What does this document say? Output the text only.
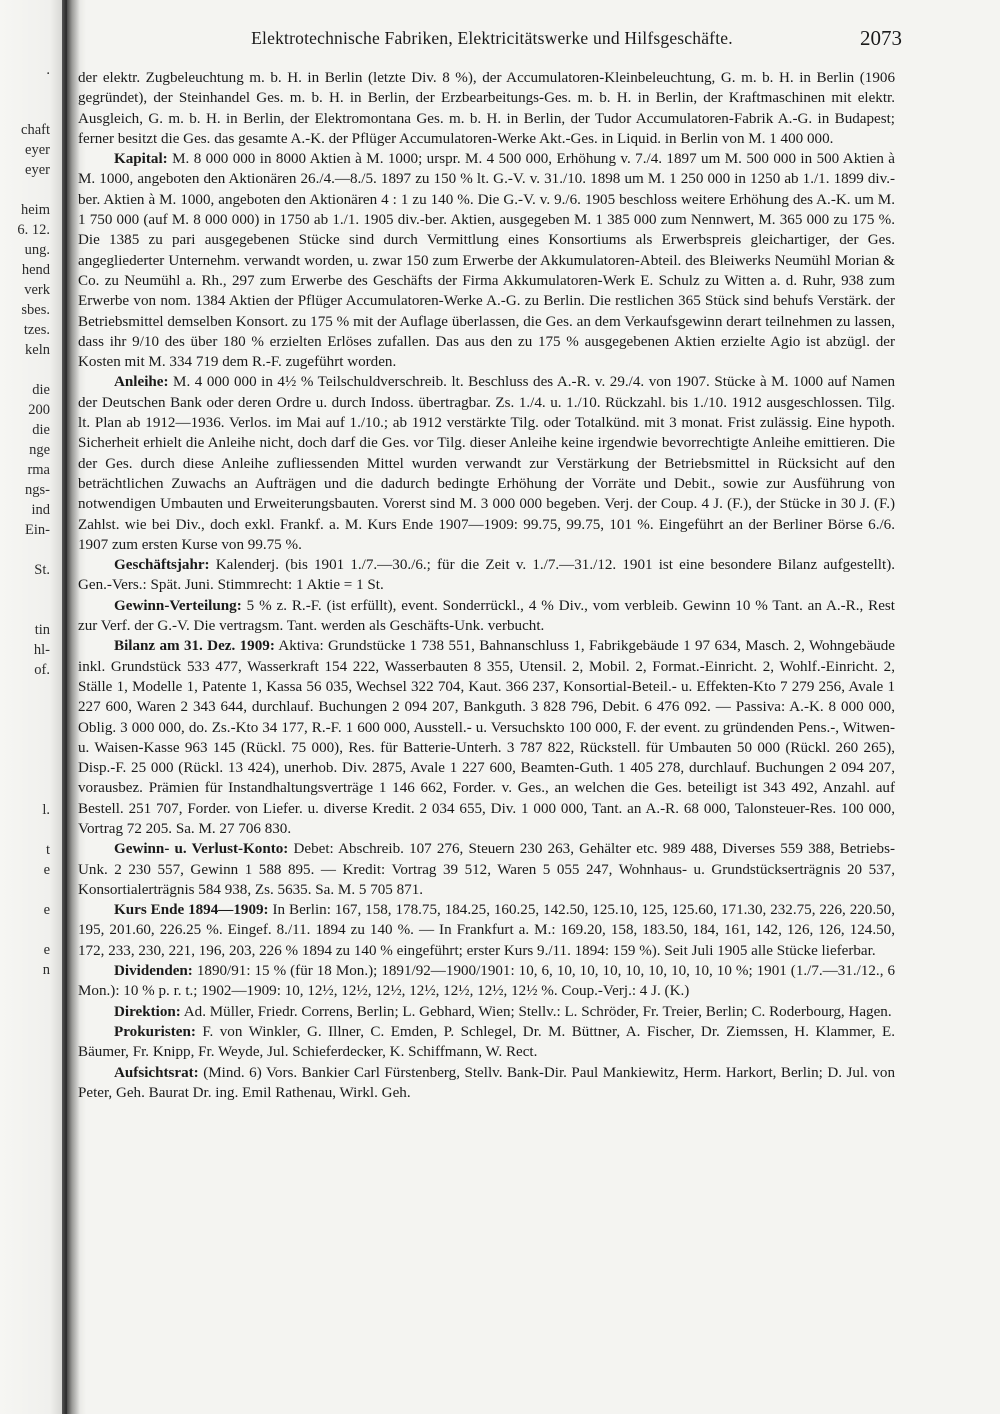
.
chaft
eyer
eyer
heim
6. 12.
ung.
hend
verk
sbes.
tzes.
keln
die
200
die
nge
rma
ngs-
ind
Ein-
St.
tin
hl-
of.
l.
t
e
e
e
n
Elektrotechnische Fabriken, Elektricitätswerke und Hilfsgeschäfte.	2073

der elektr. Zugbeleuchtung m. b. H. in Berlin (letzte Div. 8 %), der Accumulatoren-Kleinbeleuchtung, G. m. b. H. in Berlin (1906 gegründet), der Steinhandel Ges. m. b. H. in Berlin, der Erzbearbeitungs-Ges. m. b. H. in Berlin, der Kraftmaschinen mit elektr. Ausgleich, G. m. b. H. in Berlin, der Elektromontana Ges. m. b. H. in Berlin, der Tudor Accumulatoren-Fabrik A.-G. in Budapest; ferner besitzt die Ges. das gesamte A.-K. der Pflüger Accumulatoren-Werke Akt.-Ges. in Liquid. in Berlin von M. 1 400 000.

Kapital: M. 8 000 000 in 8000 Aktien à M. 1000; urspr. M. 4 500 000, Erhöhung v. 7./4. 1897 um M. 500 000 in 500 Aktien à M. 1000, angeboten den Aktionären 26./4.—8./5. 1897 zu 150 % lt. G.-V. v. 31./10. 1898 um M. 1 250 000 in 1250 ab 1./1. 1899 div.-ber. Aktien à M. 1000, angeboten den Aktionären 4 : 1 zu 140 %. Die G.-V. v. 9./6. 1905 beschloss weitere Erhöhung des A.-K. um M. 1 750 000 (auf M. 8 000 000) in 1750 ab 1./1. 1905 div.-ber. Aktien, ausgegeben M. 1 385 000 zum Nennwert, M. 365 000 zu 175 %. Die 1385 zu pari ausgegebenen Stücke sind durch Vermittlung eines Konsortiums als Erwerbspreis gleichartiger, der Ges. angegliederter Unternehm. verwandt worden, u. zwar 150 zum Erwerbe der Akkumulatoren-Abteil. des Bleiwerks Neumühl Morian & Co. zu Neumühl a. Rh., 297 zum Erwerbe des Geschäfts der Firma Akkumulatoren-Werk E. Schulz zu Witten a. d. Ruhr, 938 zum Erwerbe von nom. 1384 Aktien der Pflüger Accumulatoren-Werke A.-G. zu Berlin. Die restlichen 365 Stück sind behufs Verstärk. der Betriebsmittel demselben Konsort. zu 175 % mit der Auflage überlassen, die Ges. an dem Verkaufsgewinn derart teilnehmen zu lassen, dass ihr 9/10 des über 180 % erzielten Erlöses zufallen. Das aus den zu 175 % ausgegebenen Aktien erzielte Agio ist abzügl. der Kosten mit M. 334 719 dem R.-F. zugeführt worden.

Anleihe: M. 4 000 000 in 4½ % Teilschuldverschreib. lt. Beschluss des A.-R. v. 29./4. von 1907. Stücke à M. 1000 auf Namen der Deutschen Bank oder deren Ordre u. durch Indoss. übertragbar. Zs. 1./4. u. 1./10. Rückzahl. bis 1./10. 1912 ausgeschlossen. Tilg. lt. Plan ab 1912—1936. Verlos. im Mai auf 1./10.; ab 1912 verstärkte Tilg. oder Totalkünd. mit 3 monat. Frist zulässig. Eine hypoth. Sicherheit erhielt die Anleihe nicht, doch darf die Ges. vor Tilg. dieser Anleihe keine irgendwie bevorrechtigte Anleihe emittieren. Die der Ges. durch diese Anleihe zufliessenden Mittel wurden verwandt zur Verstärkung der Betriebsmittel in Rücksicht auf den beträchtlichen Zuwachs an Aufträgen und die dadurch bedingte Erhöhung der Vorräte und Debit., sowie zur Ausführung von notwendigen Umbauten und Erweiterungsbauten. Vorerst sind M. 3 000 000 begeben. Verj. der Coup. 4 J. (F.), der Stücke in 30 J. (F.) Zahlst. wie bei Div., doch exkl. Frankf. a. M. Kurs Ende 1907—1909: 99.75, 99.75, 101 %. Eingeführt an der Berliner Börse 6./6. 1907 zum ersten Kurse von 99.75 %.

Geschäftsjahr: Kalenderj. (bis 1901 1./7.—30./6.; für die Zeit v. 1./7.—31./12. 1901 ist eine besondere Bilanz aufgestellt). Gen.-Vers.: Spät. Juni. Stimmrecht: 1 Aktie = 1 St.

Gewinn-Verteilung: 5 % z. R.-F. (ist erfüllt), event. Sonderrückl., 4 % Div., vom verbleib. Gewinn 10 % Tant. an A.-R., Rest zur Verf. der G.-V. Die vertragsm. Tant. werden als Geschäfts-Unk. verbucht.

Bilanz am 31. Dez. 1909: Aktiva: Grundstücke 1 738 551, Bahnanschluss 1, Fabrikgebäude 1 97 634, Masch. 2, Wohngebäude inkl. Grundstück 533 477, Wasserkraft 154 222, Wasserbauten 8 355, Utensil. 2, Mobil. 2, Format.-Einricht. 2, Wohlf.-Einricht. 2, Ställe 1, Modelle 1, Patente 1, Kassa 56 035, Wechsel 322 704, Kaut. 366 237, Konsortial-Beteil.- u. Effekten-Kto 7 279 256, Avale 1 227 600, Waren 2 343 644, durchlauf. Buchungen 2 094 207, Bankguth. 3 828 796, Debit. 6 476 092. — Passiva: A.-K. 8 000 000, Oblig. 3 000 000, do. Zs.-Kto 34 177, R.-F. 1 600 000, Ausstell.- u. Versuchskto 100 000, F. der event. zu gründenden Pens.-, Witwen- u. Waisen-Kasse 963 145 (Rückl. 75 000), Res. für Batterie-Unterh. 3 787 822, Rückstell. für Umbauten 50 000 (Rückl. 260 265), Disp.-F. 25 000 (Rückl. 13 424), unerhob. Div. 2875, Avale 1 227 600, Beamten-Guth. 1 405 278, durchlauf. Buchungen 2 094 207, vorausbez. Prämien für Instandhaltungsverträge 1 146 662, Forder. v. Ges., an welchen die Ges. beteiligt ist 343 492, Anzahl. auf Bestell. 251 707, Forder. von Liefer. u. diverse Kredit. 2 034 655, Div. 1 000 000, Tant. an A.-R. 68 000, Talonsteuer-Res. 100 000, Vortrag 72 205. Sa. M. 27 706 830.

Gewinn- u. Verlust-Konto: Debet: Abschreib. 107 276, Steuern 230 263, Gehälter etc. 989 488, Diverses 559 388, Betriebs-Unk. 2 230 557, Gewinn 1 588 895. — Kredit: Vortrag 39 512, Waren 5 055 247, Wohnhaus- u. Grundstückserträgnis 20 537, Konsortialerträgnis 584 938, Zs. 5635. Sa. M. 5 705 871.

Kurs Ende 1894—1909: In Berlin: 167, 158, 178.75, 184.25, 160.25, 142.50, 125.10, 125, 125.60, 171.30, 232.75, 226, 220.50, 195, 201.60, 226.25 %. Eingef. 8./11. 1894 zu 140 %. — In Frankfurt a. M.: 169.20, 158, 183.50, 184, 161, 142, 126, 126, 124.50, 172, 233, 230, 221, 196, 203, 226 % 1894 zu 140 % eingeführt; erster Kurs 9./11. 1894: 159 %). Seit Juli 1905 alle Stücke lieferbar.

Dividenden: 1890/91: 15 % (für 18 Mon.); 1891/92—1900/1901: 10, 6, 10, 10, 10, 10, 10, 10, 10, 10 %; 1901 (1./7.—31./12., 6 Mon.): 10 % p. r. t.; 1902—1909: 10, 12½, 12½, 12½, 12½, 12½, 12½, 12½ %. Coup.-Verj.: 4 J. (K.)

Direktion: Ad. Müller, Friedr. Correns, Berlin; L. Gebhard, Wien; Stellv.: L. Schröder, Fr. Treier, Berlin; C. Roderbourg, Hagen.

Prokuristen: F. von Winkler, G. Illner, C. Emden, P. Schlegel, Dr. M. Büttner, A. Fischer, Dr. Ziemssen, H. Klammer, E. Bäumer, Fr. Knipp, Fr. Weyde, Jul. Schieferdecker, K. Schiffmann, W. Rect.

Aufsichtsrat: (Mind. 6) Vors. Bankier Carl Fürstenberg, Stellv. Bank-Dir. Paul Mankiewitz, Herm. Harkort, Berlin; D. Jul. von Peter, Geh. Baurat Dr. ing. Emil Rathenau, Wirkl. Geh.
